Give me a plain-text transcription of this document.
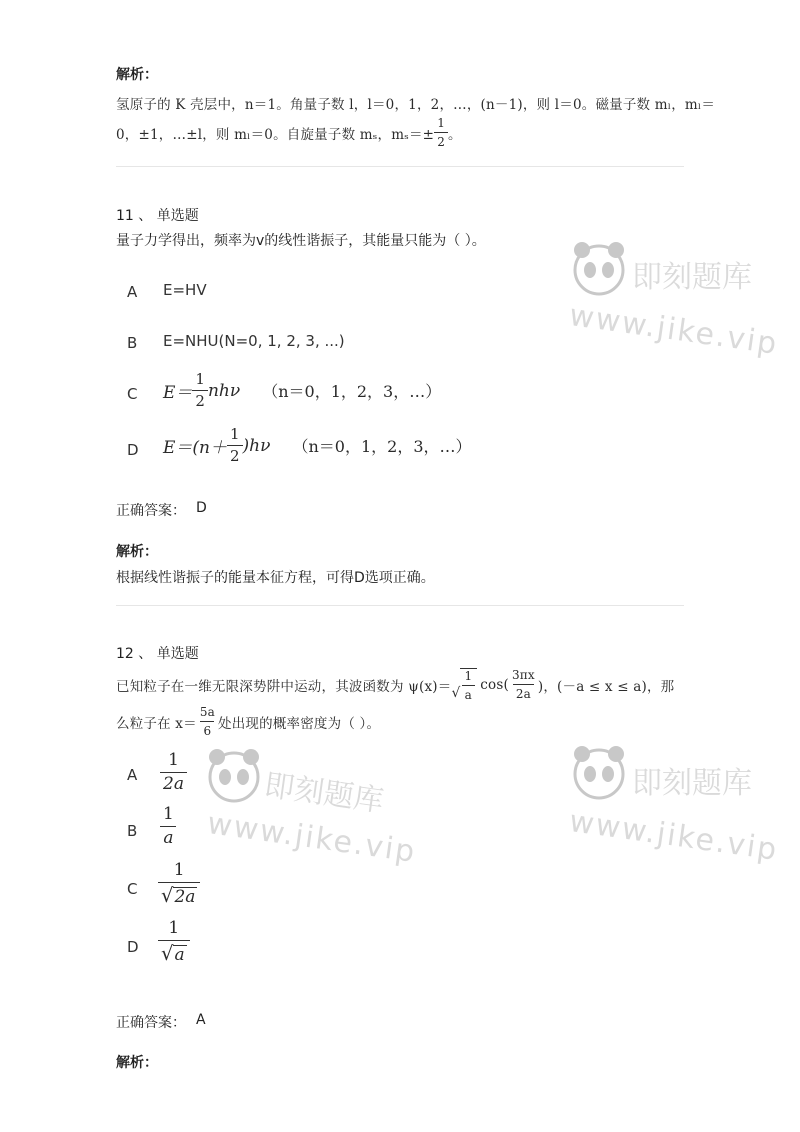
解析：
氢原子的 K 壳层中，n＝1。角量子数 l，l＝0，1，2，…，(n－1)，则 l＝0。磁量子数 mₗ，mₗ＝
0，±1，…±l，则 mₗ＝0。自旋量子数 mₛ，$m_s=\pm \frac{1}{2}$ 。
11 、 单选题
量子力学得出，频率为v的线性谐振子，其能量只能为（ ）。
A E=HV
B E=NHU(N=0, 1, 2, 3, ...)
C $E= \frac{1}{2}$ nhν （n＝0，1，2，3，…）
D $E=(n+ \frac{1}{2} )h\nu$ （n＝0，1，2，3，…）
正确答案： D
解析：
根据线性谐振子的能量本征方程，可得D选项正确。
12 、 单选题
已知粒子在一维无限深势阱中运动，其波函数为 ψ(x)＝ √ $\frac{1}{a} \cos( \frac{3\pi x}{2a}$ )，(－a ≤ x ≤ a)，那
么粒子在 $x= \frac{5a}{6}$ 处出现的概率密度为（ ）。
A $\frac{1}{2a}$
B $\frac{1}{a}$
C $\frac{1}{√ 2a}$
D $\frac{1}{√ a}$
正确答案： A
解析：
即刻题库
www.jike.vip
即刻题库
www.jike.vip
即刻题库
www.jike.vip
